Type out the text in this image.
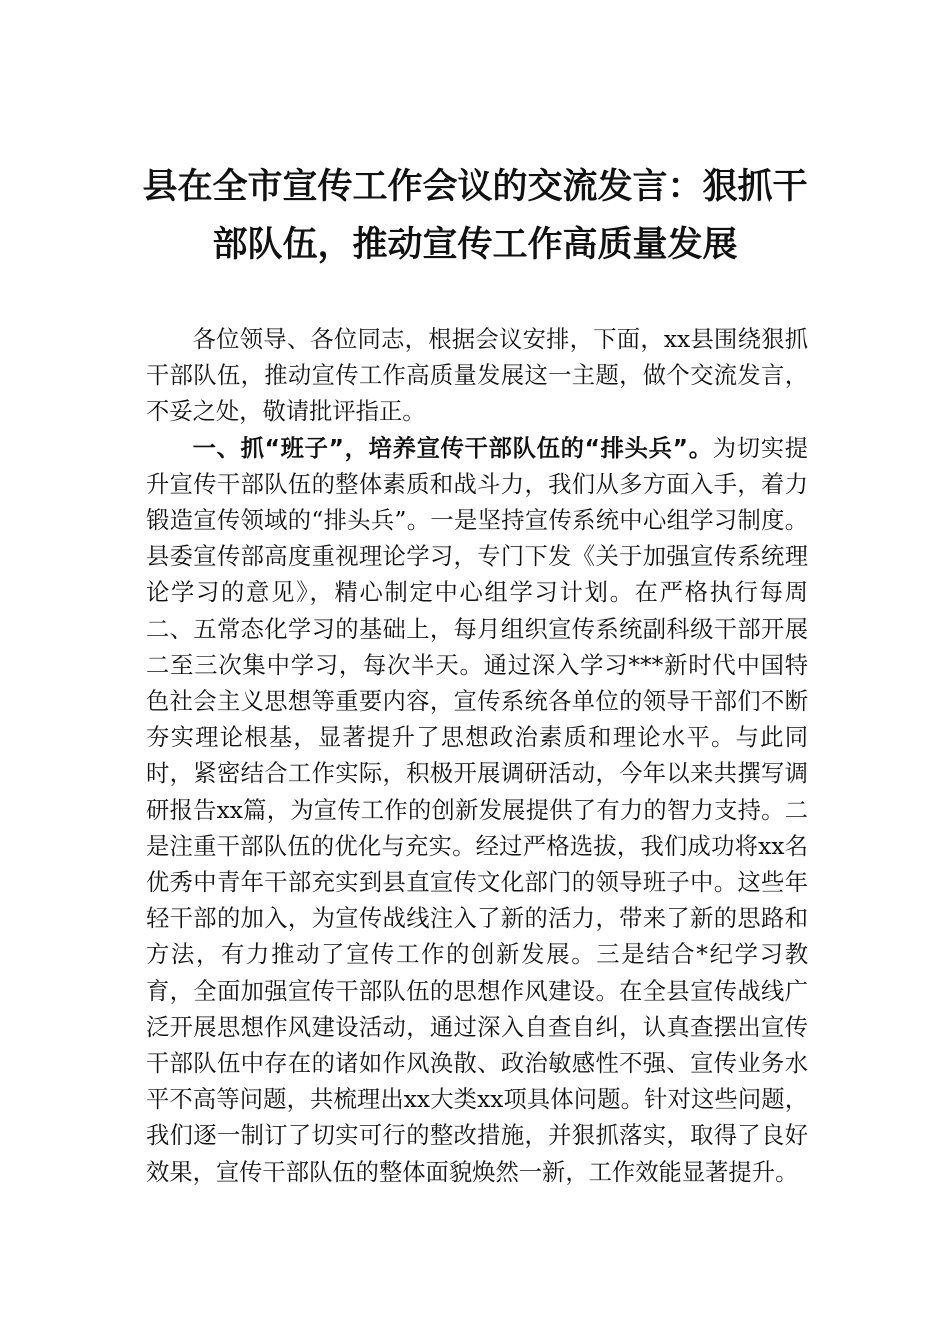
县在全市宣传工作会议的交流发言：狠抓干部队伍，推动宣传工作高质量发展

各位领导、各位同志，根据会议安排，下面，xx县围绕狠抓干部队伍，推动宣传工作高质量发展这一主题，做个交流发言，不妥之处，敬请批评指正。

一、抓“班子”，培养宣传干部队伍的“排头兵”。为切实提升宣传干部队伍的整体素质和战斗力，我们从多方面入手，着力锻造宣传领域的“排头兵”。一是坚持宣传系统中心组学习制度。县委宣传部高度重视理论学习，专门下发《关于加强宣传系统理论学习的意见》，精心制定中心组学习计划。在严格执行每周二、五常态化学习的基础上，每月组织宣传系统副科级干部开展二至三次集中学习，每次半天。通过深入学习***新时代中国特色社会主义思想等重要内容，宣传系统各单位的领导干部们不断夯实理论根基，显著提升了思想政治素质和理论水平。与此同时，紧密结合工作实际，积极开展调研活动，今年以来共撰写调研报告xx篇，为宣传工作的创新发展提供了有力的智力支持。二是注重干部队伍的优化与充实。经过严格选拔，我们成功将xx名优秀中青年干部充实到县直宣传文化部门的领导班子中。这些年轻干部的加入，为宣传战线注入了新的活力，带来了新的思路和方法，有力推动了宣传工作的创新发展。三是结合*纪学习教育，全面加强宣传干部队伍的思想作风建设。在全县宣传战线广泛开展思想作风建设活动，通过深入自查自纠，认真查摆出宣传干部队伍中存在的诸如作风涣散、政治敏感性不强、宣传业务水平不高等问题，共梳理出xx大类xx项具体问题。针对这些问题，我们逐一制订了切实可行的整改措施，并狠抓落实，取得了良好效果，宣传干部队伍的整体面貌焕然一新，工作效能显著提升。
